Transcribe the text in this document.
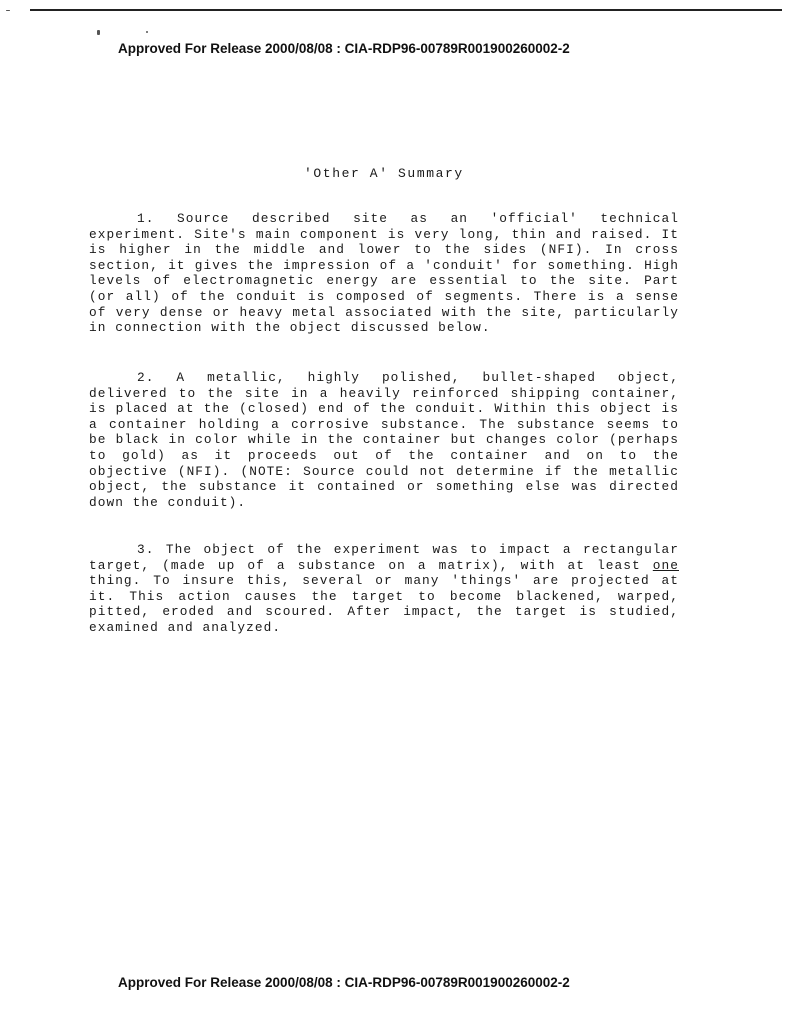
Approved For Release 2000/08/08 : CIA-RDP96-00789R001900260002-2
'Other A' Summary

1. Source described site as an 'official' technical experiment. Site's main component is very long, thin and raised. It is higher in the middle and lower to the sides (NFI). In cross section, it gives the impression of a 'conduit' for something. High levels of electromagnetic energy are essential to the site. Part (or all) of the conduit is composed of segments. There is a sense of very dense or heavy metal associated with the site, particularly in connection with the object discussed below.

2. A metallic, highly polished, bullet-shaped object, delivered to the site in a heavily reinforced shipping container, is placed at the (closed) end of the conduit. Within this object is a container holding a corrosive substance. The substance seems to be black in color while in the container but changes color (perhaps to gold) as it proceeds out of the container and on to the objective (NFI). (NOTE: Source could not determine if the metallic object, the substance it contained or something else was directed down the conduit).

3. The object of the experiment was to impact a rectangular target, (made up of a substance on a matrix), with at least one thing. To insure this, several or many 'things' are projected at it. This action causes the target to become blackened, warped, pitted, eroded and scoured. After impact, the target is studied, examined and analyzed.

Approved For Release 2000/08/08 : CIA-RDP96-00789R001900260002-2
